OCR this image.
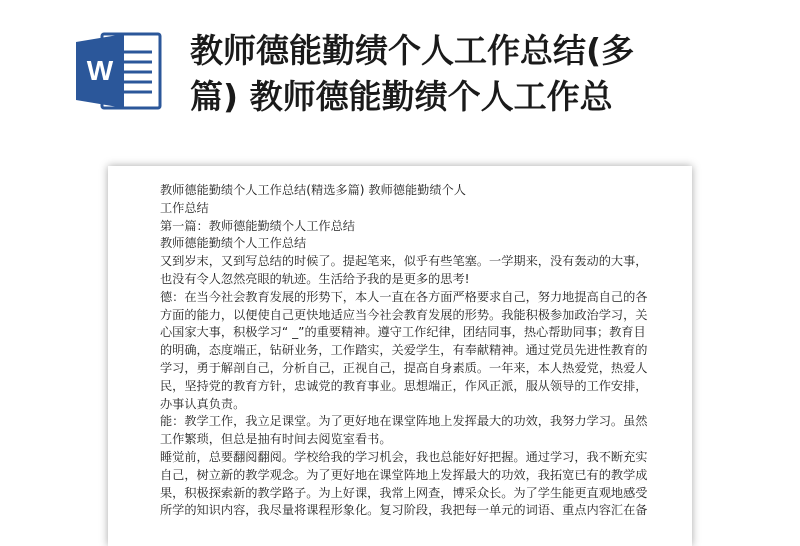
W
教师德能勤绩个人工作总结(多
篇) 教师德能勤绩个人工作总

教师德能勤绩个人工作总结(精选多篇) 教师德能勤绩个人

工作总结

第一篇：教师德能勤绩个人工作总结

教师德能勤绩个人工作总结

又到岁末，又到写总结的时候了。提起笔来，似乎有些笔塞。一学期来，没有轰动的大事，
也没有令人忽然亮眼的轨迹。生活给予我的是更多的思考!

德：在当今社会教育发展的形势下，本人一直在各方面严格要求自己，努力地提高自己的各
方面的能力，以便使自己更快地适应当今社会教育发展的形势。我能积极参加政治学习，关
心国家大事，积极学习“ _”的重要精神。遵守工作纪律，团结同事，热心帮助同事；教育目
的明确，态度端正，钻研业务，工作踏实，关爱学生，有奉献精神。通过党员先进性教育的
学习，勇于解剖自己，分析自己，正视自己，提高自身素质。一年来，本人热爱党，热爱人
民，坚持党的教育方针，忠诚党的教育事业。思想端正，作风正派，服从领导的工作安排，
办事认真负责。

能：教学工作，我立足课堂。为了更好地在课堂阵地上发挥最大的功效，我努力学习。虽然
工作繁琐，但总是抽有时间去阅览室看书。

睡觉前，总要翻阅翻阅。学校给我的学习机会，我也总能好好把握。通过学习，我不断充实
自己，树立新的教学观念。为了更好地在课堂阵地上发挥最大的功效，我拓宽已有的教学成
果，积极探索新的教学路子。为上好课，我常上网查，博采众长。为了学生能更直观地感受
所学的知识内容，我尽量将课程形象化。复习阶段，我把每一单元的词语、重点内容汇在备
